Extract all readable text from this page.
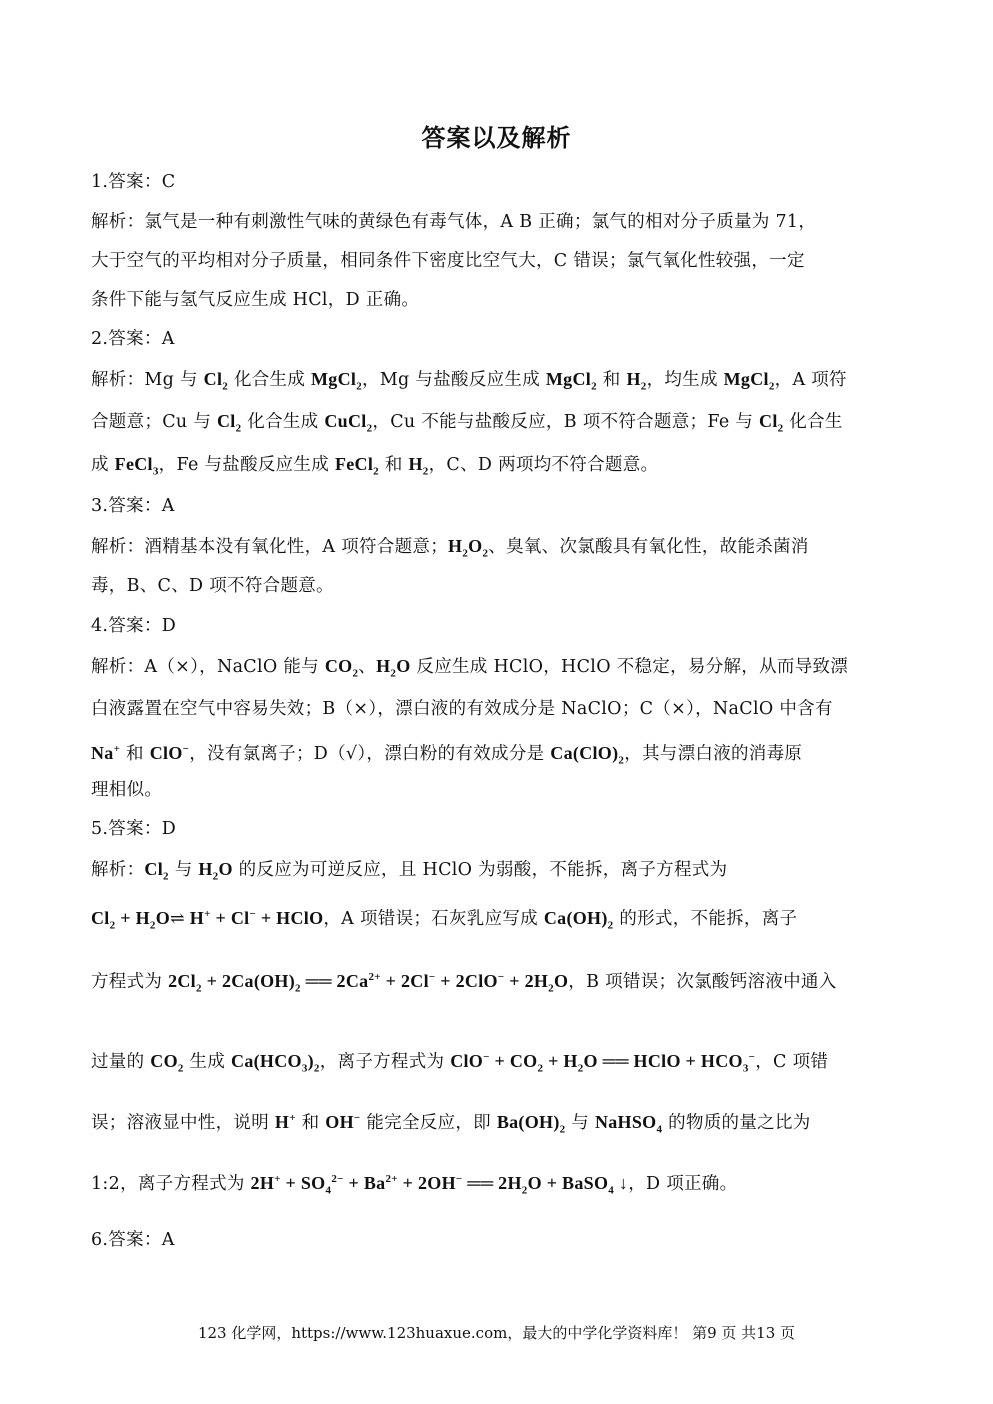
答案以及解析
1.答案：C
解析：氯气是一种有刺激性气味的黄绿色有毒气体，A B 正确；氯气的相对分子质量为 71，
大于空气的平均相对分子质量，相同条件下密度比空气大，C 错误；氯气氧化性较强，一定
条件下能与氢气反应生成 HCl，D 正确。
2.答案：A
解析：Mg 与 $Cl_2$ 化合生成 MgCl$_2$，Mg 与盐酸反应生成 MgCl$_2$ 和 $H_2$，均生成 MgCl$_2$，A 项符
合题意；Cu 与 $Cl_2$ 化合生成 CuCl$_2$，Cu 不能与盐酸反应，B 项不符合题意；Fe 与 $Cl_2$ 化合生
成 FeCl$_3$，Fe 与盐酸反应生成 FeCl$_2$ 和 $H_2$，C、D 两项均不符合题意。
3.答案：A
解析：酒精基本没有氧化性，A 项符合题意；$H_2O_2$、臭氧、次氯酸具有氧化性，故能杀菌消
毒，B、C、D 项不符合题意。
4.答案：D
解析：A（×），NaClO 能与 $CO_2$、$H_2O$ 反应生成 HClO，HClO 不稳定，易分解，从而导致漂
白液露置在空气中容易失效；B（×），漂白液的有效成分是 NaClO；C（×），NaClO 中含有
Na+ 和 ClO−，没有氯离子；D（√），漂白粉的有效成分是 $Ca(ClO)_2$，其与漂白液的消毒原
理相似。
5.答案：D
解析：$Cl_2$ 与 $H_2O$ 的反应为可逆反应，且 HClO 为弱酸，不能拆，离子方程式为
$Cl_2$ + $H_2O\rightleftharpoons$ H+ + Cl− + HClO，A 项错误；石灰乳应写成 $Ca(OH)_2$ 的形式，不能拆，离子
方程式为 $2Cl_2 + 2Ca(OH)_2$ ══ $2Ca^{2+} + 2Cl^- + 2ClO^- + 2H_2O$，B 项错误；次氯酸钙溶液中通入
过量的 $CO_2$ 生成 $Ca(HCO_3)_2$，离子方程式为 $ClO^- + CO_2 + H_2O$ ══ HClO + $HCO_3^-$，C 项错
误；溶液显中性，说明 H+ 和 OH− 能完全反应，即 $Ba(OH)_2$ 与 NaHSO$_4$ 的物质的量之比为
1:2，离子方程式为 $2H^+ + SO_4^{2-} + Ba^{2+} + 2OH^-$ ══ $2H_2O$ + BaSO$_4$ ↓，D 项正确。
6.答案：A
123 化学网，https://www.123huaxue.com，最大的中学化学资料库！ 第9 页 共13 页
